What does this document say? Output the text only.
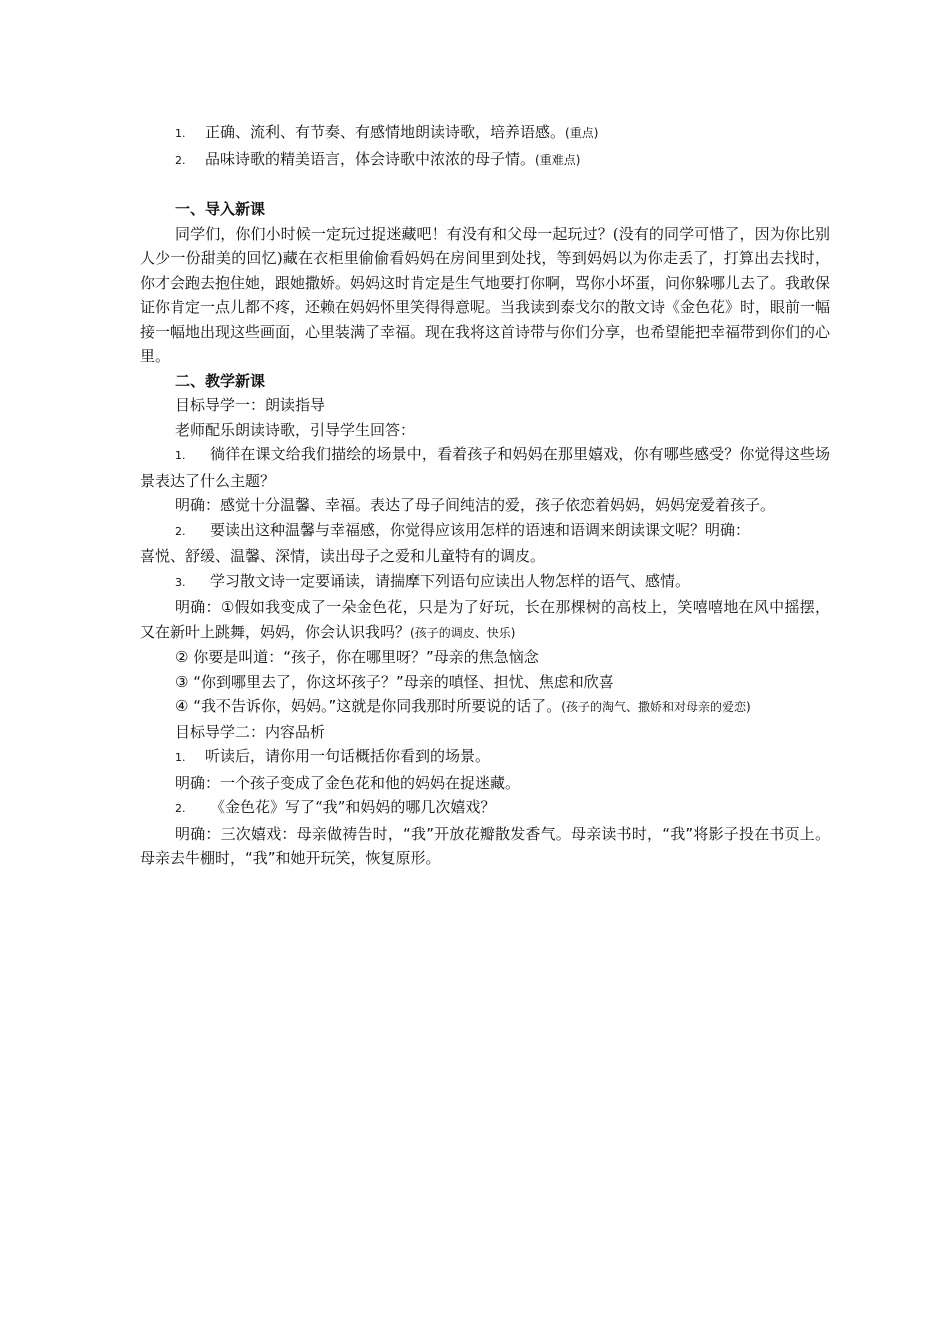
1. 正确、流利、有节奏、有感情地朗读诗歌，培养语感。(重点)

2. 品味诗歌的精美语言，体会诗歌中浓浓的母子情。(重难点)

一、导入新课

同学们，你们小时候一定玩过捉迷藏吧！有没有和父母一起玩过？(没有的同学可惜了，因为你比别人少一份甜美的回忆)藏在衣柜里偷偷看妈妈在房间里到处找，等到妈妈以为你走丢了，打算出去找时，你才会跑去抱住她，跟她撒娇。妈妈这时肯定是生气地要打你啊，骂你小坏蛋，问你躲哪儿去了。我敢保证你肯定一点儿都不疼，还赖在妈妈怀里笑得得意呢。当我读到泰戈尔的散文诗《金色花》时，眼前一幅接一幅地出现这些画面，心里装满了幸福。现在我将这首诗带与你们分享，也希望能把幸福带到你们的心里。

二、教学新课

目标导学一：朗读指导

老师配乐朗读诗歌，引导学生回答：

1. 徜徉在课文给我们描绘的场景中，看着孩子和妈妈在那里嬉戏，你有哪些感受？你觉得这些场景表达了什么主题？

明确：感觉十分温馨、幸福。表达了母子间纯洁的爱，孩子依恋着妈妈，妈妈宠爱着孩子。

2. 要读出这种温馨与幸福感，你觉得应该用怎样的语速和语调来朗读课文呢？明确：

喜悦、舒缓、温馨、深情，读出母子之爱和儿童特有的调皮。

3. 学习散文诗一定要诵读，请揣摩下列语句应读出人物怎样的语气、感情。

明确：①假如我变成了一朵金色花，只是为了好玩，长在那棵树的高枝上，笑嘻嘻地在风中摇摆，又在新叶上跳舞，妈妈，你会认识我吗？(孩子的调皮、快乐)

② 你要是叫道：“孩子，你在哪里呀？”母亲的焦急恼念

③ “你到哪里去了，你这坏孩子？”母亲的嗔怪、担忧、焦虑和欣喜

④ “我不告诉你，妈妈。”这就是你同我那时所要说的话了。(孩子的淘气、撒娇和对母亲的爱恋)

目标导学二：内容品析

1. 听读后，请你用一句话概括你看到的场景。

明确：一个孩子变成了金色花和他的妈妈在捉迷藏。

2. 《金色花》写了“我”和妈妈的哪几次嬉戏？

明确：三次嬉戏：母亲做祷告时，“我”开放花瓣散发香气。母亲读书时，“我”将影子投在书页上。母亲去牛棚时，“我”和她开玩笑，恢复原形。
